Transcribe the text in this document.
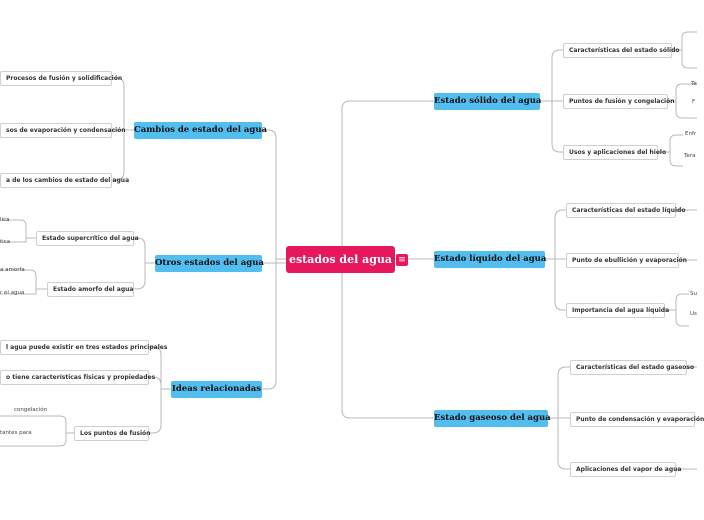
estados del agua ≡
Estado sólido del agua
Estado líquido del agua
Estado gaseoso del agua
Características del estado sólido
Puntos de fusión y congelación
Usos y aplicaciones del hielo
Te
F
Enfr
Tera
Características del estado líquido
Punto de ebullición y evaporación
Importancia del agua líquida
Su
Us
Características del estado gaseoso
Punto de condensación y evaporación
Aplicaciones del vapor de agua
Cambios de estado del agua
Otros estados del agua
Ideas relacionadas
Procesos de fusión y solidificación
sos de evaporación y condensación
a de los cambios de estado del agua
Estado supercrítico del agua
Estado amorfo del agua
lica
tica
a amorfa
r el agua
l agua puede existir en tres estados principales
o tiene características físicas y propiedades
Los puntos de fusión
congelación
tantes para
